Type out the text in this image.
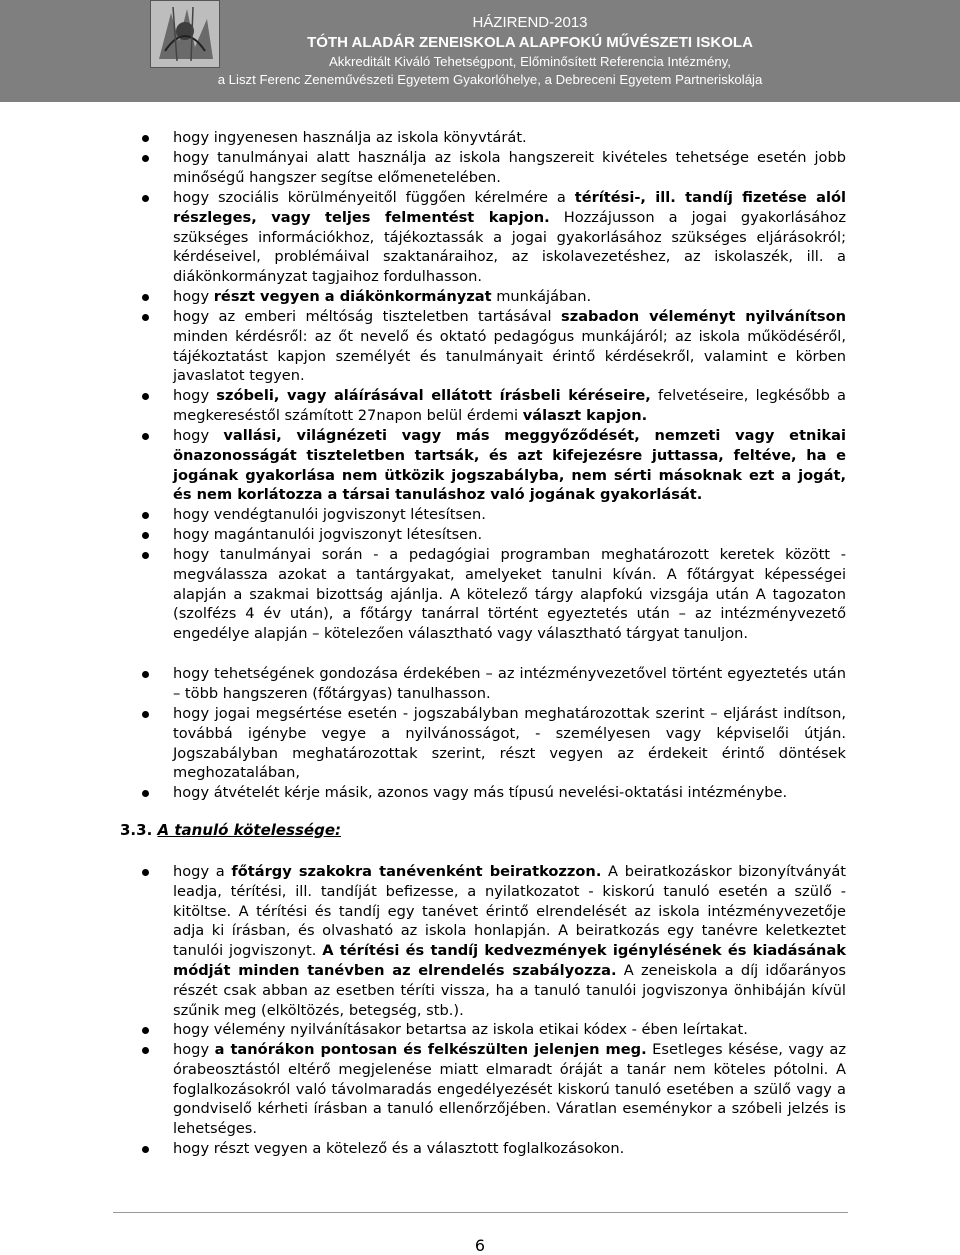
HÁZIREND-2013
TÓTH ALADÁR ZENEISKOLA ALAPFOKÚ MŰVÉSZETI ISKOLA
Akkreditált Kiváló Tehetségpont, Előminősített Referencia Intézmény,
a Liszt Ferenc Zeneművészeti Egyetem Gyakorlóhelye, a Debreceni Egyetem Partneriskolája
hogy ingyenesen használja az iskola könyvtárát.
hogy tanulmányai alatt használja az iskola hangszereit kivételes tehetsége esetén jobb minőségű hangszer segítse előmenetelében.
hogy szociális körülményeitől függően kérelmére a térítési-, ill. tandíj fizetése alól részleges, vagy teljes felmentést kapjon. Hozzájusson a jogai gyakorlásához szükséges információkhoz, tájékoztassák a jogai gyakorlásához szükséges eljárásokról; kérdéseivel, problémáival szaktanáraihoz, az iskolavezetéshez, az iskolaszék, ill. a diákönkormányzat tagjaihoz fordulhasson.
hogy részt vegyen a diákönkormányzat munkájában.
hogy az emberi méltóság tiszteletben tartásával szabadon véleményt nyilvánítson minden kérdésről: az őt nevelő és oktató pedagógus munkájáról; az iskola működéséről, tájékoztatást kapjon személyét és tanulmányait érintő kérdésekről, valamint e körben javaslatot tegyen.
hogy szóbeli, vagy aláírásával ellátott írásbeli kéréseire, felvetéseire, legkésőbb a megkereséstől számított 27napon belül érdemi választ kapjon.
hogy vallási, világnézeti vagy más meggyőződését, nemzeti vagy etnikai önazonosságát tiszteletben tartsák, és azt kifejezésre juttassa, feltéve, ha e jogának gyakorlása nem ütközik jogszabályba, nem sérti másoknak ezt a jogát, és nem korlátozza a társai tanuláshoz való jogának gyakorlását.
hogy vendégtanulói jogviszonyt létesítsen.
hogy magántanulói jogviszonyt létesítsen.
hogy tanulmányai során - a pedagógiai programban meghatározott keretek között - megválassza azokat a tantárgyakat, amelyeket tanulni kíván. A főtárgyat képességei alapján a szakmai bizottság ajánlja. A kötelező tárgy alapfokú vizsgája után A tagozaton (szolfézs 4 év után), a főtárgy tanárral történt egyeztetés után – az intézményvezető engedélye alapján – kötelezően választható vagy választható tárgyat tanuljon.
hogy tehetségének gondozása érdekében – az intézményvezetővel történt egyeztetés után – több hangszeren (főtárgyas) tanulhasson.
hogy jogai megsértése esetén - jogszabályban meghatározottak szerint – eljárást indítson, továbbá igénybe vegye a nyilvánosságot, - személyesen vagy képviselői útján. Jogszabályban meghatározottak szerint, részt vegyen az érdekeit érintő döntések meghozatalában,
hogy átvételét kérje másik, azonos vagy más típusú nevelési-oktatási intézménybe.
3.3. A tanuló kötelessége:
hogy a főtárgy szakokra tanévenként beiratkozzon. A beiratkozáskor bizonyítványát leadja, térítési, ill. tandíját befizesse, a nyilatkozatot - kiskorú tanuló esetén a szülő - kitöltse. A térítési és tandíj egy tanévet érintő elrendelését az iskola intézményvezetője adja ki írásban, és olvasható az iskola honlapján. A beiratkozás egy tanévre keletkeztet tanulói jogviszonyt. A térítési és tandíj kedvezmények igénylésének és kiadásának módját minden tanévben az elrendelés szabályozza. A zeneiskola a díj időarányos részét csak abban az esetben téríti vissza, ha a tanuló tanulói jogviszonya önhibáján kívül szűnik meg (elköltözés, betegség, stb.).
hogy vélemény nyilvánításakor betartsa az iskola etikai kódex - ében leírtakat.
hogy a tanórákon pontosan és felkészülten jelenjen meg. Esetleges késése, vagy az órabeosztástól eltérő megjelenése miatt elmaradt óráját a tanár nem köteles pótolni. A foglalkozásokról való távolmaradás engedélyezését kiskorú tanuló esetében a szülő vagy a gondviselő kérheti írásban a tanuló ellenőrzőjében. Váratlan eseménykor a szóbeli jelzés is lehetséges.
hogy részt vegyen a kötelező és a választott foglalkozásokon.
6
